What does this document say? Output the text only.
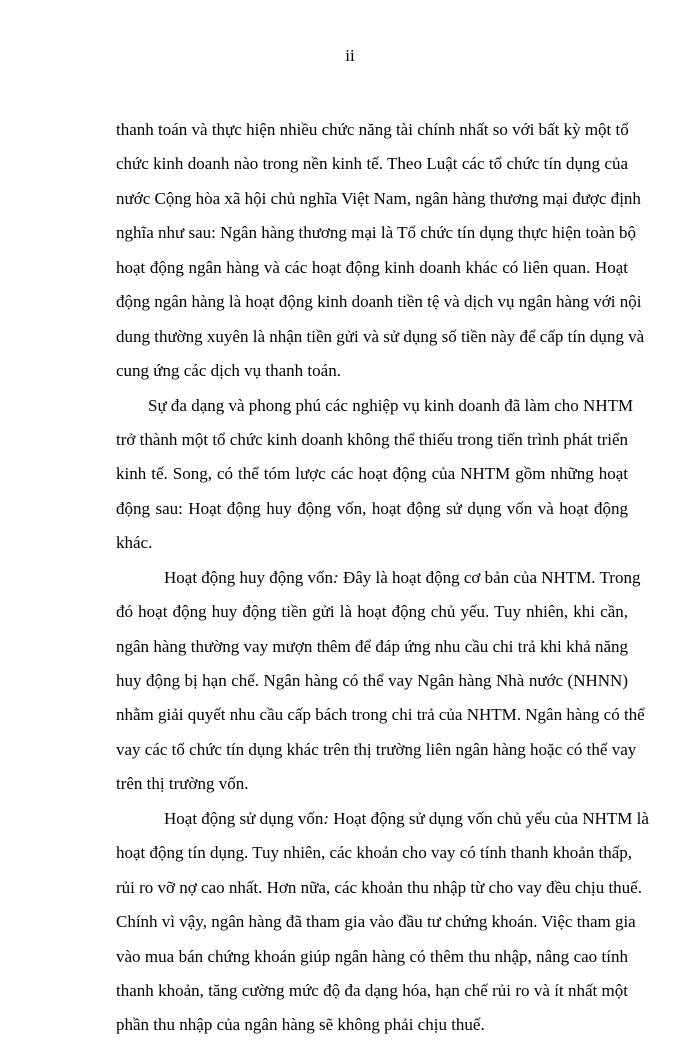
ii
thanh toán và thực hiện nhiều chức năng tài chính nhất so với bất kỳ một tổ
chức kinh doanh nào trong nền kinh tế. Theo Luật các tổ chức tín dụng của
nước Cộng hòa xã hội chủ nghĩa Việt Nam, ngân hàng thương mại được định
nghĩa như sau: Ngân hàng thương mại là Tổ chức tín dụng thực hiện toàn bộ
hoạt động ngân hàng và các hoạt động kinh doanh khác có liên quan. Hoạt
động ngân hàng là hoạt động kinh doanh tiền tệ và dịch vụ ngân hàng với nội
dung thường xuyên là nhận tiền gửi và sử dụng số tiền này để cấp tín dụng và
cung ứng các dịch vụ thanh toán.
Sự đa dạng và phong phú các nghiệp vụ kinh doanh đã làm cho NHTM
trở thành một tổ chức kinh doanh không thể thiếu trong tiến trình phát triển
kinh tế. Song, có thể tóm lược các hoạt động của NHTM gồm những hoạt
động sau: Hoạt động huy động vốn, hoạt động sử dụng vốn và hoạt động
khác.
Hoạt động huy động vốn: Đây là hoạt động cơ bản của NHTM. Trong
đó hoạt động huy động tiền gửi là hoạt động chủ yếu. Tuy nhiên, khi cần,
ngân hàng thường vay mượn thêm để đáp ứng nhu cầu chi trả khi khả năng
huy động bị hạn chế. Ngân hàng có thể vay Ngân hàng Nhà nước (NHNN)
nhằm giải quyết nhu cầu cấp bách trong chi trả của NHTM. Ngân hàng có thể
vay các tổ chức tín dụng khác trên thị trường liên ngân hàng hoặc có thể vay
trên thị trường vốn.
Hoạt động sử dụng vốn: Hoạt động sử dụng vốn chủ yếu của NHTM là
hoạt động tín dụng. Tuy nhiên, các khoản cho vay có tính thanh khoản thấp,
rủi ro vỡ nợ cao nhất. Hơn nữa, các khoản thu nhập từ cho vay đều chịu thuế.
Chính vì vậy, ngân hàng đã tham gia vào đầu tư chứng khoán. Việc tham gia
vào mua bán chứng khoán giúp ngân hàng có thêm thu nhập, nâng cao tính
thanh khoản, tăng cường mức độ đa dạng hóa, hạn chế rủi ro và ít nhất một
phần thu nhập của ngân hàng sẽ không phải chịu thuế.
